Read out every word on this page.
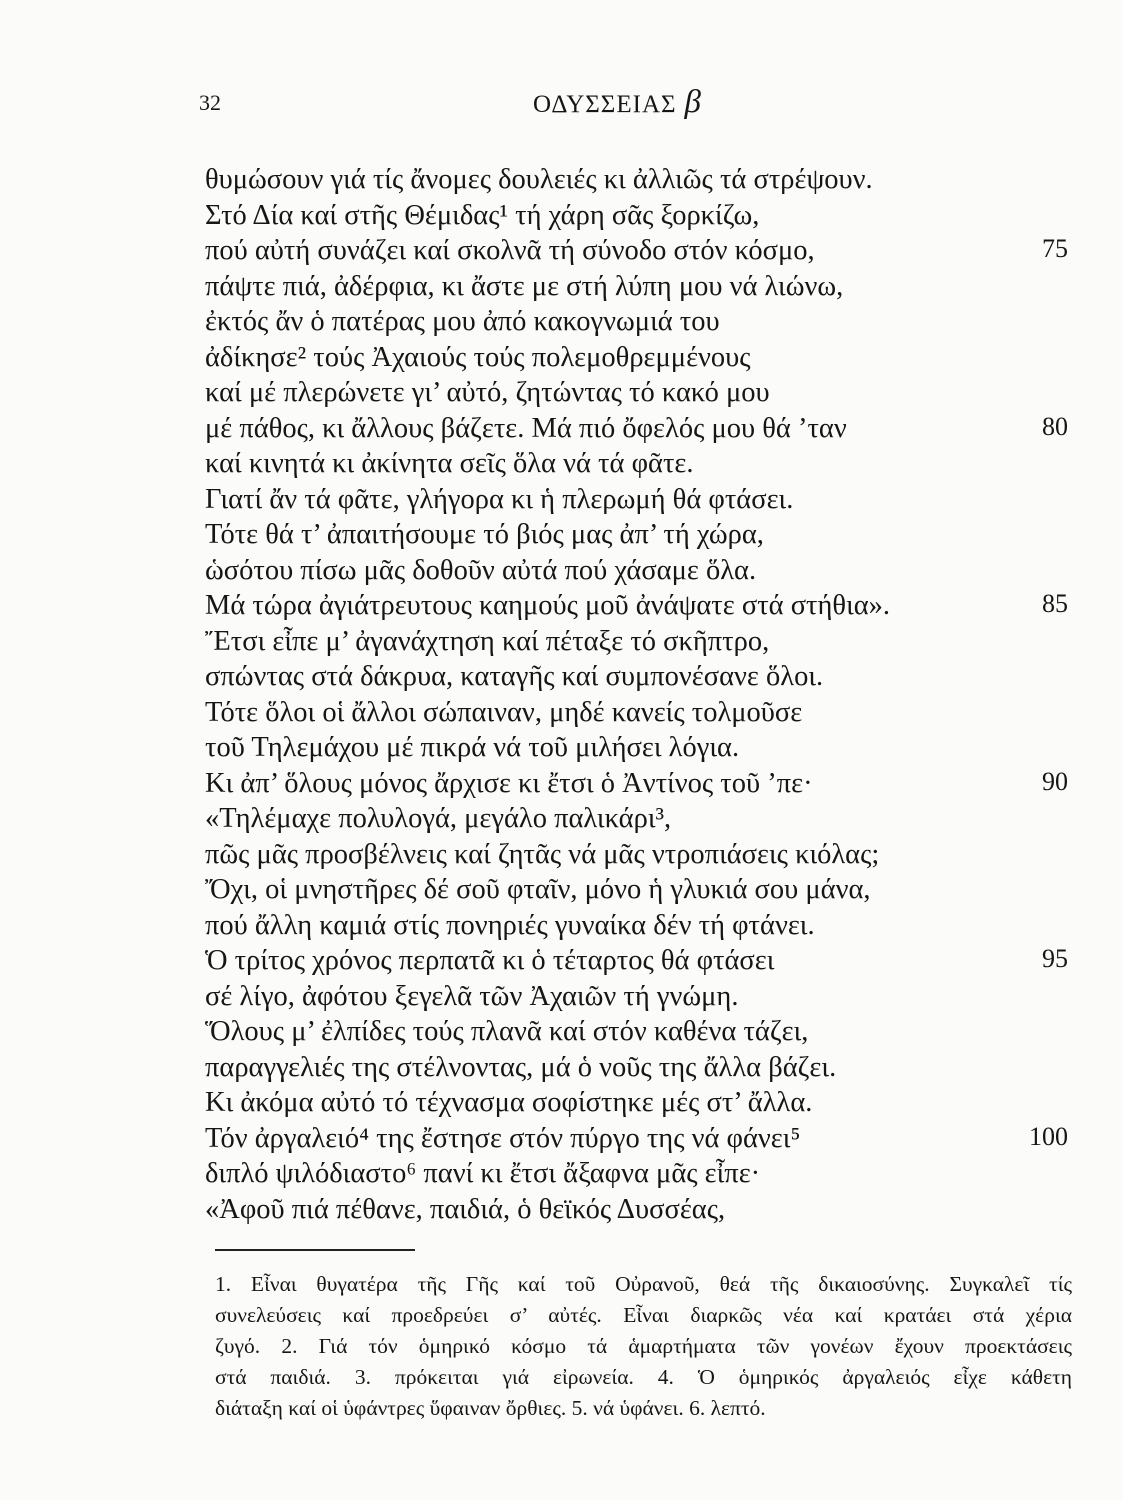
32	ΟΔΥΣΣΕΙΑΣ β
θυμώσουν γιά τίς ἄνομες δουλειές κι ἀλλιῶς τά στρέψουν.
Στό Δία καί στῆς Θέμιδας¹ τή χάρη σᾶς ξορκίζω,
πού αὐτή συνάζει καί σκολνᾶ τή σύνοδο στόν κόσμο,	75
πάψτε πιά, ἀδέρφια, κι ἄστε με στή λύπη μου νά λιώνω,
ἐκτός ἄν ὁ πατέρας μου ἀπό κακογνωμιά του
ἀδίκησε² τούς Ἀχαιούς τούς πολεμοθρεμμένους
καί μέ πλερώνετε γι’ αὐτό, ζητώντας τό κακό μου
μέ πάθος, κι ἄλλους βάζετε. Μά πιό ὄφελός μου θά ’ταν	80
καί κινητά κι ἀκίνητα σεῖς ὅλα νά τά φᾶτε.
Γιατί ἄν τά φᾶτε, γλήγορα κι ἡ πλερωμή θά φτάσει.
Τότε θά τ’ ἀπαιτήσουμε τό βιός μας ἀπ’ τή χώρα,
ὡσότου πίσω μᾶς δοθοῦν αὐτά πού χάσαμε ὅλα.
Μά τώρα ἀγιάτρευτους καημούς μοῦ ἀνάψατε στά στήθια».	85
Ἔτσι εἶπε μ’ ἀγανάχτηση καί πέταξε τό σκῆπτρο,
σπώντας στά δάκρυα, καταγῆς καί συμπονέσανε ὅλοι.
Τότε ὅλοι οἱ ἄλλοι σώπαιναν, μηδέ κανείς τολμοῦσε
τοῦ Τηλεμάχου μέ πικρά νά τοῦ μιλήσει λόγια.
Κι ἀπ’ ὅλους μόνος ἄρχισε κι ἔτσι ὁ Ἀντίνος τοῦ ’πε·	90
«Τηλέμαχε πολυλογά, μεγάλο παλικάρι³,
πῶς μᾶς προσβέλνεις καί ζητᾶς νά μᾶς ντροπιάσεις κιόλας;
Ὄχι, οἱ μνηστῆρες δέ σοῦ φταῖν, μόνο ἡ γλυκιά σου μάνα,
πού ἄλλη καμιά στίς πονηριές γυναίκα δέν τή φτάνει.
Ὁ τρίτος χρόνος περπατᾶ κι ὁ τέταρτος θά φτάσει	95
σέ λίγο, ἀφότου ξεγελᾶ τῶν Ἀχαιῶν τή γνώμη.
Ὅλους μ’ ἐλπίδες τούς πλανᾶ καί στόν καθένα τάζει,
παραγγελιές της στέλνοντας, μά ὁ νοῦς της ἄλλα βάζει.
Κι ἀκόμα αὐτό τό τέχνασμα σοφίστηκε μές στ’ ἄλλα.
Τόν ἀργαλειό⁴ της ἔστησε στόν πύργο της νά φάνει⁵	100
διπλό ψιλόδιαστο⁶ πανί κι ἔτσι ἄξαφνα μᾶς εἶπε·
«Ἀφοῦ πιά πέθανε, παιδιά, ὁ θεϊκός Δυσσέας,
1. Εἶναι θυγατέρα τῆς Γῆς καί τοῦ Οὐρανοῦ, θεά τῆς δικαιοσύνης. Συγκαλεῖ τίς
συνελεύσεις καί προεδρεύει σ’ αὐτές. Εἶναι διαρκῶς νέα καί κρατάει στά χέρια
ζυγό. 2. Γιά τόν ὁμηρικό κόσμο τά ἁμαρτήματα τῶν γονέων ἔχουν προεκτάσεις
στά παιδιά. 3. πρόκειται γιά εἰρωνεία. 4. Ὁ ὁμηρικός ἀργαλειός εἶχε κάθετη
διάταξη καί οἱ ὑφάντρες ὕφαιναν ὄρθιες. 5. νά ὑφάνει. 6. λεπτό.
